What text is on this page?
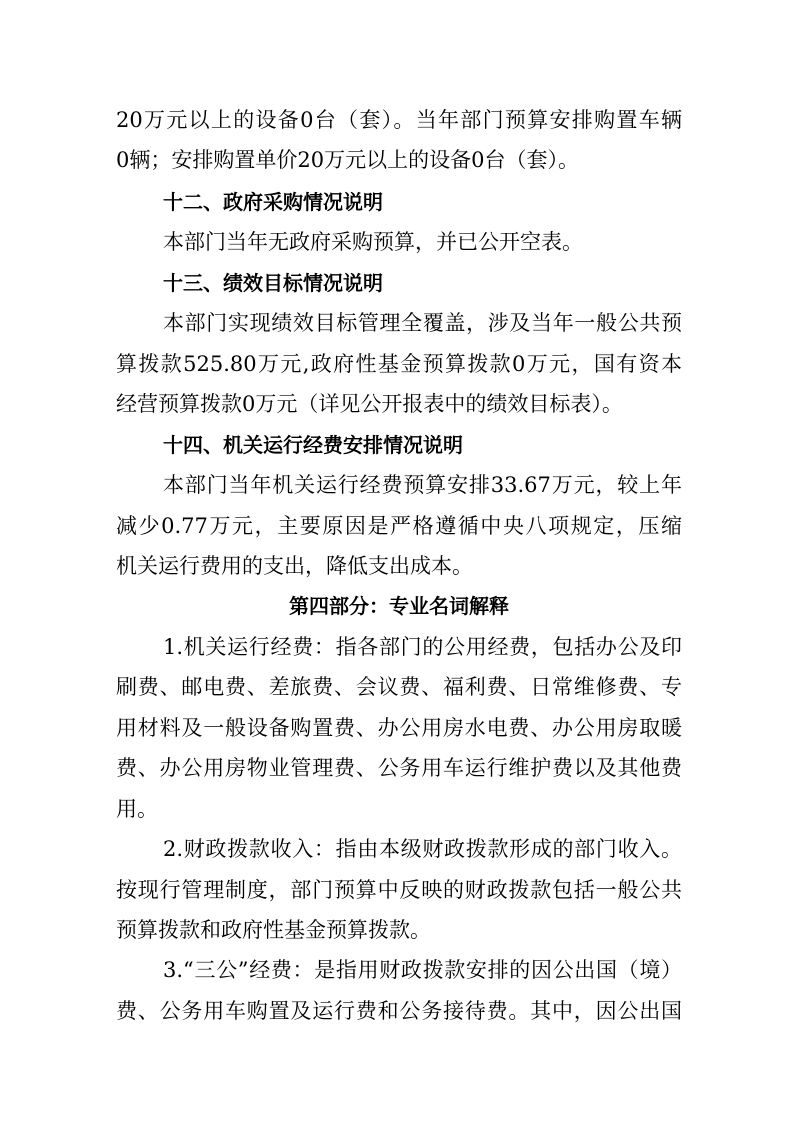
20万元以上的设备0台（套）。当年部门预算安排购置车辆
0辆；安排购置单价20万元以上的设备0台（套）。
十二、政府采购情况说明
本部门当年无政府采购预算，并已公开空表。
十三、绩效目标情况说明
本部门实现绩效目标管理全覆盖，涉及当年一般公共预
算拨款525.80万元,政府性基金预算拨款0万元，国有资本
经营预算拨款0万元（详见公开报表中的绩效目标表）。
十四、机关运行经费安排情况说明
本部门当年机关运行经费预算安排33.67万元，较上年
减少0.77万元，主要原因是严格遵循中央八项规定，压缩
机关运行费用的支出，降低支出成本。
第四部分：专业名词解释
1.机关运行经费：指各部门的公用经费，包括办公及印
刷费、邮电费、差旅费、会议费、福利费、日常维修费、专
用材料及一般设备购置费、办公用房水电费、办公用房取暖
费、办公用房物业管理费、公务用车运行维护费以及其他费
用。
2.财政拨款收入：指由本级财政拨款形成的部门收入。
按现行管理制度，部门预算中反映的财政拨款包括一般公共
预算拨款和政府性基金预算拨款。
3.“三公”经费：是指用财政拨款安排的因公出国（境）
费、公务用车购置及运行费和公务接待费。其中，因公出国
